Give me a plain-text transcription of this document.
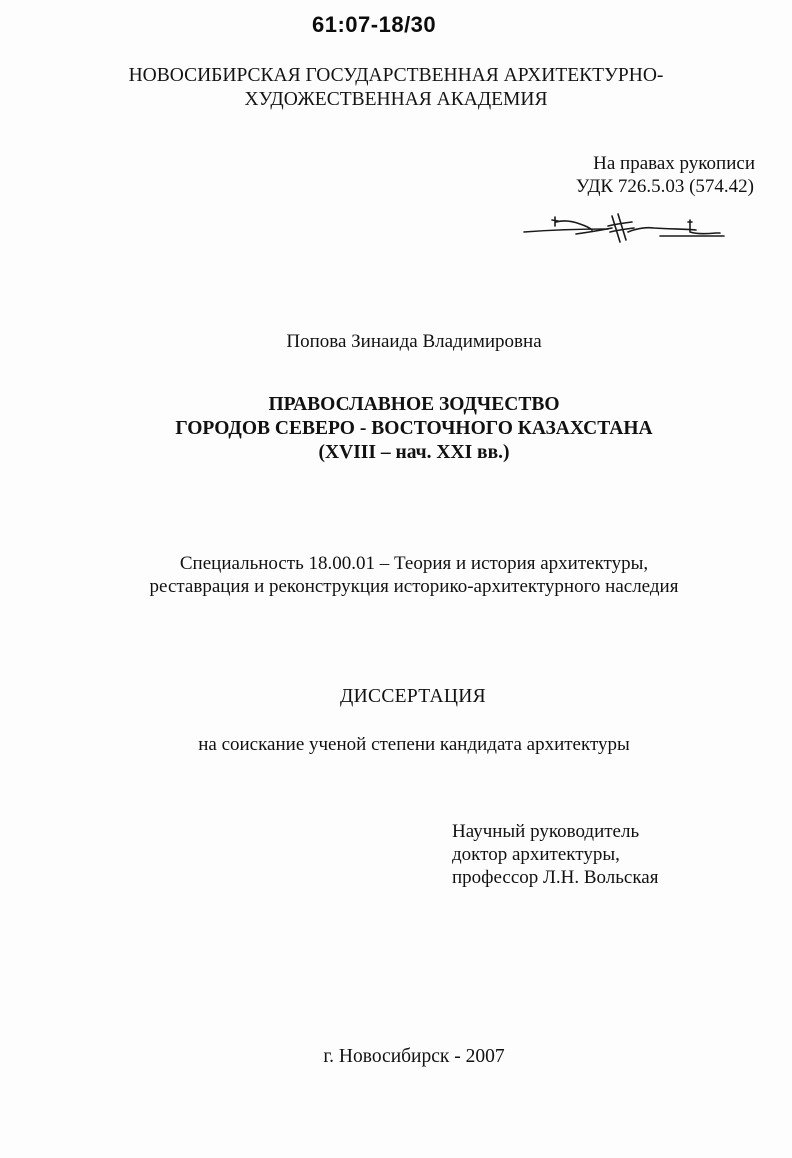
61:07-18/30
НОВОСИБИРСКАЯ ГОСУДАРСТВЕННАЯ АРХИТЕКТУРНО-
ХУДОЖЕСТВЕННАЯ АКАДЕМИЯ
На правах рукописи
УДК 726.5.03 (574.42)
Попова Зинаида Владимировна
ПРАВОСЛАВНОЕ ЗОДЧЕСТВО
ГОРОДОВ СЕВЕРО - ВОСТОЧНОГО КАЗАХСТАНА
(XVIII – нач. XXI вв.)
Специальность 18.00.01 – Теория и история архитектуры,
реставрация и реконструкция историко-архитектурного наследия
ДИССЕРТАЦИЯ
на соискание ученой степени кандидата архитектуры
Научный руководитель
доктор архитектуры,
профессор Л.Н. Вольская
г. Новосибирск - 2007
